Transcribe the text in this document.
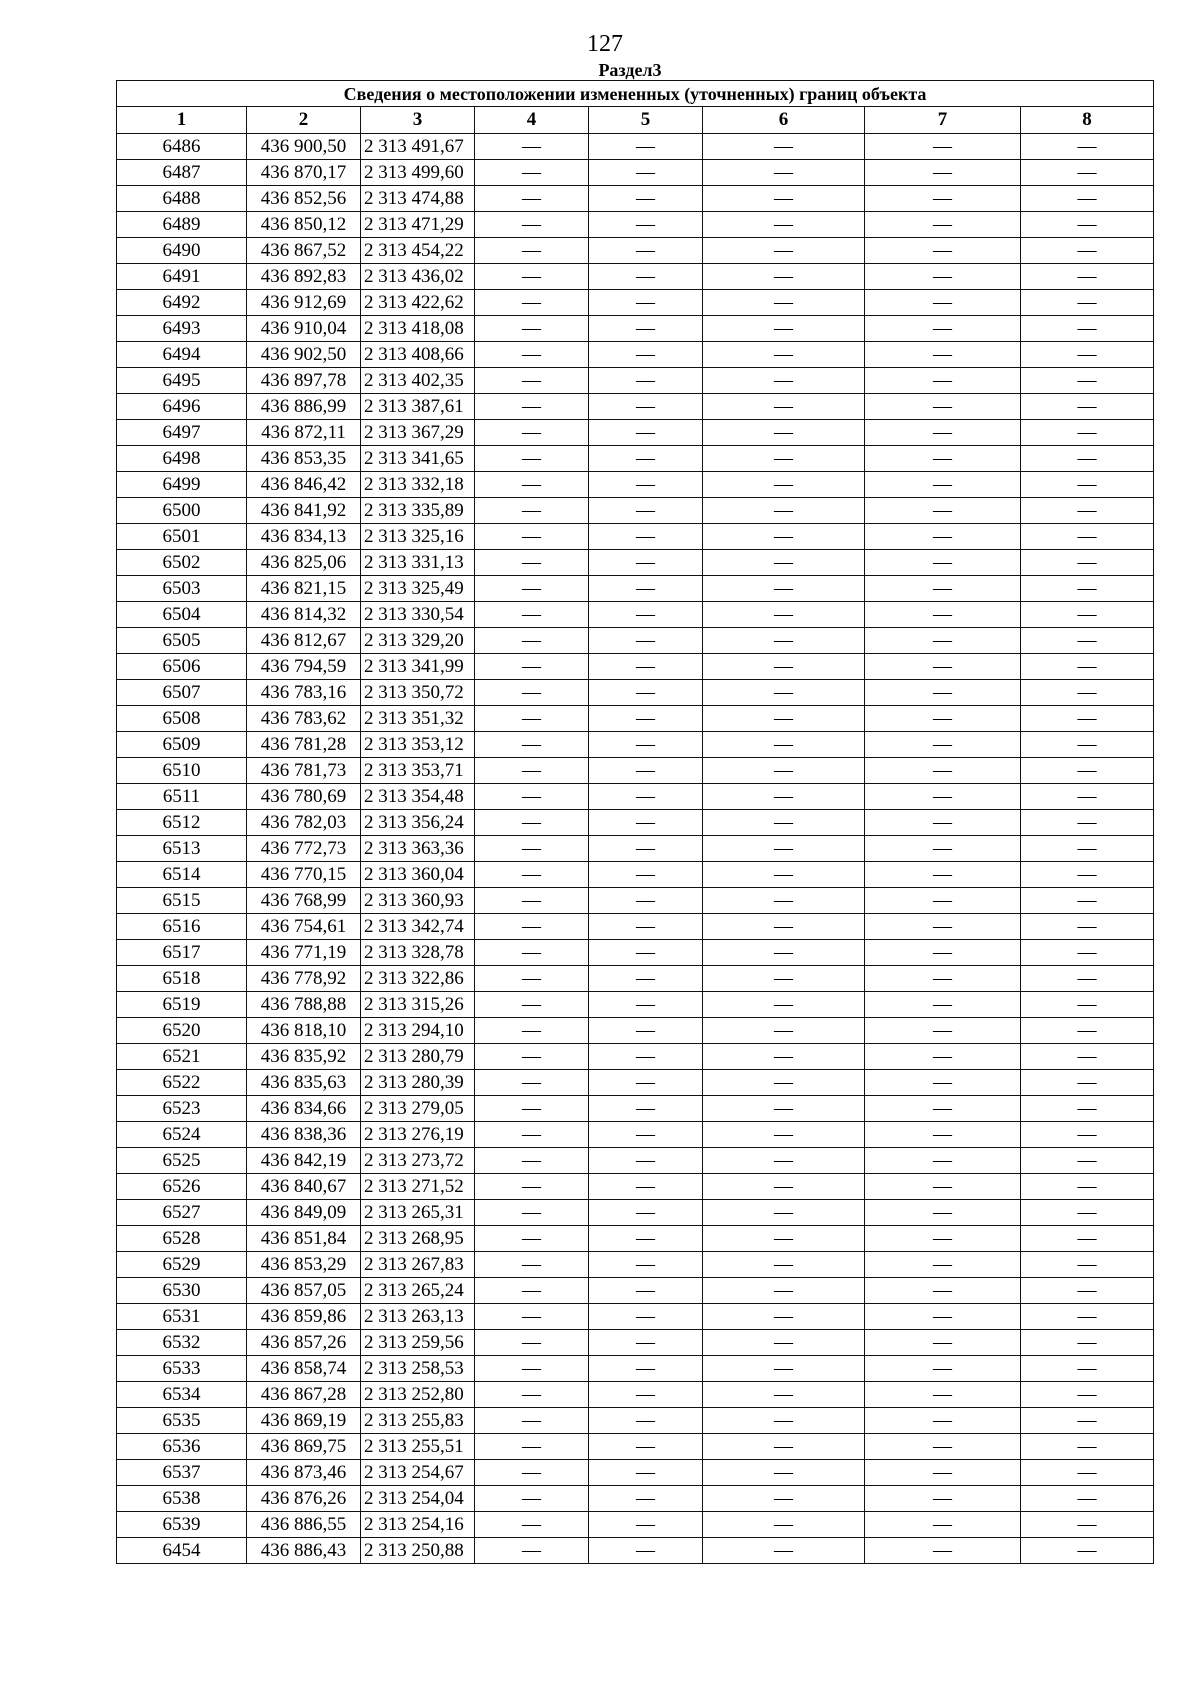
127
Раздел3
Сведения о местоположении измененных (уточненных) границ объекта							
1	2	3	4	5	6	7	8
6486	436 900,50	2 313 491,67	—	—	—	—	—
6487	436 870,17	2 313 499,60	—	—	—	—	—
6488	436 852,56	2 313 474,88	—	—	—	—	—
6489	436 850,12	2 313 471,29	—	—	—	—	—
6490	436 867,52	2 313 454,22	—	—	—	—	—
6491	436 892,83	2 313 436,02	—	—	—	—	—
6492	436 912,69	2 313 422,62	—	—	—	—	—
6493	436 910,04	2 313 418,08	—	—	—	—	—
6494	436 902,50	2 313 408,66	—	—	—	—	—
6495	436 897,78	2 313 402,35	—	—	—	—	—
6496	436 886,99	2 313 387,61	—	—	—	—	—
6497	436 872,11	2 313 367,29	—	—	—	—	—
6498	436 853,35	2 313 341,65	—	—	—	—	—
6499	436 846,42	2 313 332,18	—	—	—	—	—
6500	436 841,92	2 313 335,89	—	—	—	—	—
6501	436 834,13	2 313 325,16	—	—	—	—	—
6502	436 825,06	2 313 331,13	—	—	—	—	—
6503	436 821,15	2 313 325,49	—	—	—	—	—
6504	436 814,32	2 313 330,54	—	—	—	—	—
6505	436 812,67	2 313 329,20	—	—	—	—	—
6506	436 794,59	2 313 341,99	—	—	—	—	—
6507	436 783,16	2 313 350,72	—	—	—	—	—
6508	436 783,62	2 313 351,32	—	—	—	—	—
6509	436 781,28	2 313 353,12	—	—	—	—	—
6510	436 781,73	2 313 353,71	—	—	—	—	—
6511	436 780,69	2 313 354,48	—	—	—	—	—
6512	436 782,03	2 313 356,24	—	—	—	—	—
6513	436 772,73	2 313 363,36	—	—	—	—	—
6514	436 770,15	2 313 360,04	—	—	—	—	—
6515	436 768,99	2 313 360,93	—	—	—	—	—
6516	436 754,61	2 313 342,74	—	—	—	—	—
6517	436 771,19	2 313 328,78	—	—	—	—	—
6518	436 778,92	2 313 322,86	—	—	—	—	—
6519	436 788,88	2 313 315,26	—	—	—	—	—
6520	436 818,10	2 313 294,10	—	—	—	—	—
6521	436 835,92	2 313 280,79	—	—	—	—	—
6522	436 835,63	2 313 280,39	—	—	—	—	—
6523	436 834,66	2 313 279,05	—	—	—	—	—
6524	436 838,36	2 313 276,19	—	—	—	—	—
6525	436 842,19	2 313 273,72	—	—	—	—	—
6526	436 840,67	2 313 271,52	—	—	—	—	—
6527	436 849,09	2 313 265,31	—	—	—	—	—
6528	436 851,84	2 313 268,95	—	—	—	—	—
6529	436 853,29	2 313 267,83	—	—	—	—	—
6530	436 857,05	2 313 265,24	—	—	—	—	—
6531	436 859,86	2 313 263,13	—	—	—	—	—
6532	436 857,26	2 313 259,56	—	—	—	—	—
6533	436 858,74	2 313 258,53	—	—	—	—	—
6534	436 867,28	2 313 252,80	—	—	—	—	—
6535	436 869,19	2 313 255,83	—	—	—	—	—
6536	436 869,75	2 313 255,51	—	—	—	—	—
6537	436 873,46	2 313 254,67	—	—	—	—	—
6538	436 876,26	2 313 254,04	—	—	—	—	—
6539	436 886,55	2 313 254,16	—	—	—	—	—
6454	436 886,43	2 313 250,88	—	—	—	—	—
